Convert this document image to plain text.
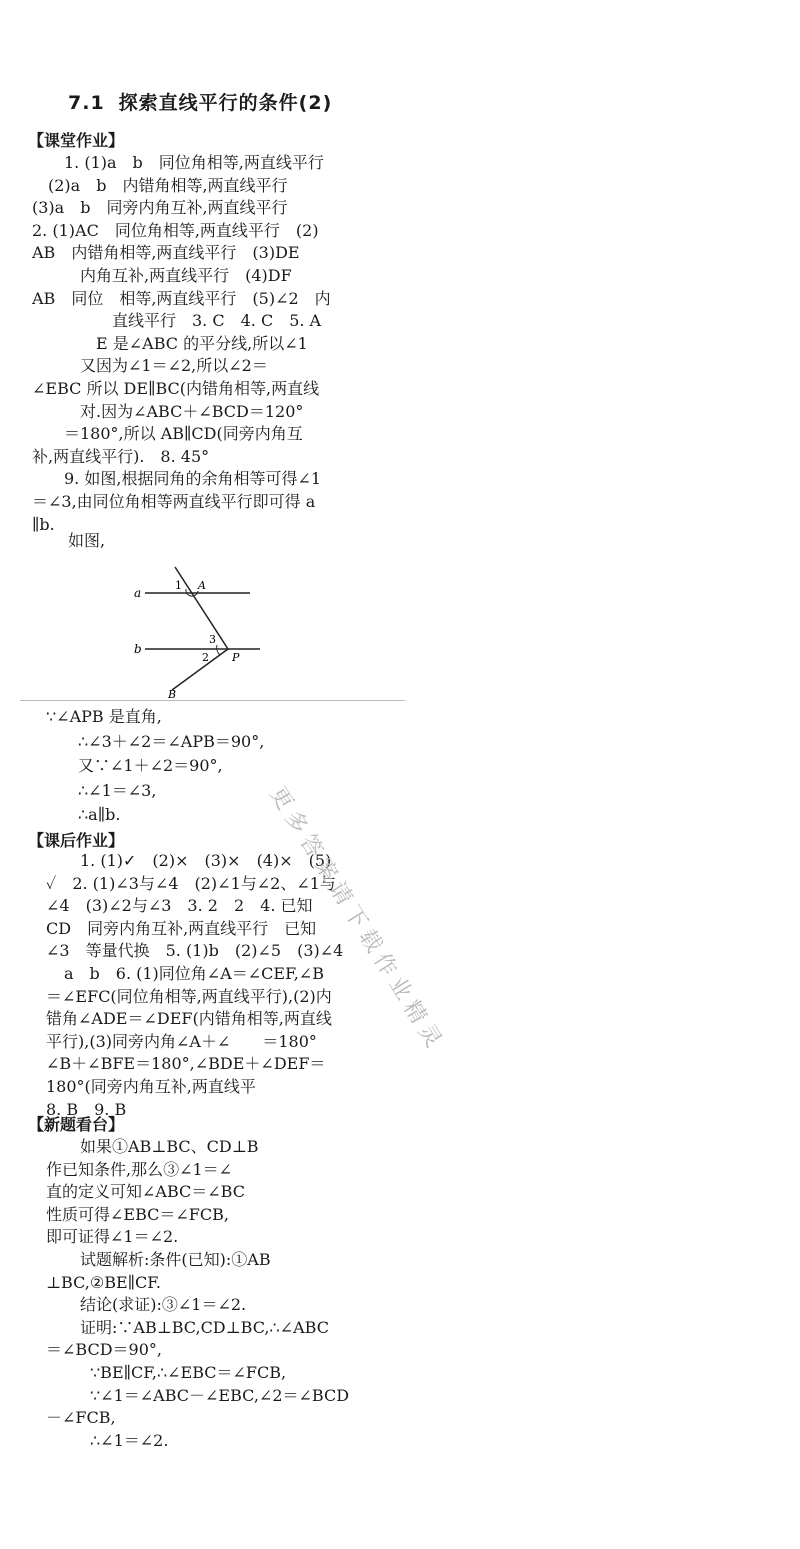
7.1 探索直线平行的条件(2)
【课堂作业】
1. (1)a　b　同位角相等,两直线平行
(2)a　b　内错角相等,两直线平行
(3)a　b　同旁内角互补,两直线平行
2. (1)AC　同位角相等,两直线平行　(2)
AB　内错角相等,两直线平行　(3)DE
　　　内角互补,两直线平行　(4)DF
AB　同位　相等,两直线平行　(5)∠2　内
　　　　　直线平行　3. C　4. C　5. A
　　　　E 是∠ABC 的平分线,所以∠1
　　　又因为∠1＝∠2,所以∠2＝
∠EBC 所以 DE∥BC(内错角相等,两直线
　　　对.因为∠ABC＋∠BCD＝120°
　　＝180°,所以 AB∥CD(同旁内角互
补,两直线平行).　8. 45°
9. 如图,根据同角的余角相等可得∠1
＝∠3,由同位角相等两直线平行即可得 a
∥b.
如图,
a
b
1 A
3
2 P
B
∵∠APB 是直角,
∴∠3＋∠2＝∠APB＝90°,
又∵∠1＋∠2＝90°,
∴∠1＝∠3,
∴a∥b.
【课后作业】
1. (1)✓　(2)×　(3)×　(4)×　(5)
✓　2. (1)∠3与∠4　(2)∠1与∠2、∠1与
∠4　(3)∠2与∠3　3. 2　2　4. 已知
CD　同旁内角互补,两直线平行　已知
∠3　等量代换　5. (1)b　(2)∠5　(3)∠4
a　b　6. (1)同位角∠A＝∠CEF,∠B
＝∠EFC(同位角相等,两直线平行),(2)内
错角∠ADE＝∠DEF(内错角相等,两直线
平行),(3)同旁内角∠A＋∠　　＝180°
∠B＋∠BFE＝180°,∠BDE＋∠DEF＝
180°(同旁内角互补,两直线平
8. B　9. B
【新题看台】
如果①AB⊥BC、CD⊥B
作已知条件,那么③∠1＝∠
直的定义可知∠ABC＝∠BC
性质可得∠EBC＝∠FCB,
即可证得∠1＝∠2.
试题解析:条件(已知):①AB
⊥BC,②BE∥CF.
结论(求证):③∠1＝∠2.
证明:∵AB⊥BC,CD⊥BC,∴∠ABC
＝∠BCD＝90°,
∵BE∥CF,∴∠EBC＝∠FCB,
∵∠1＝∠ABC－∠EBC,∠2＝∠BCD
－∠FCB,
∴∠1＝∠2.
更多答案请下载作业精灵
